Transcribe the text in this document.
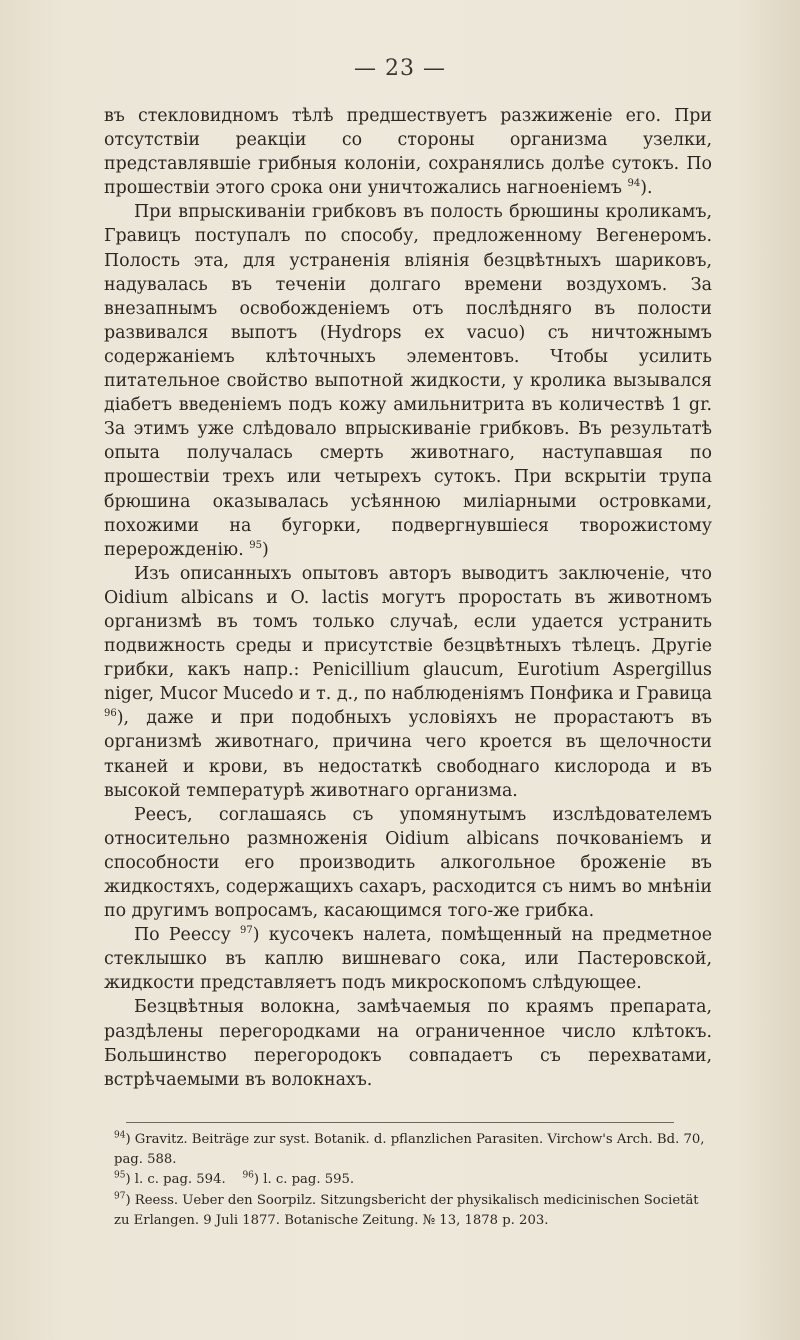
— 23 —

въ стекловидномъ тѣлѣ предшествуетъ разжиженіе его. При отсутствіи реакціи со стороны организма узелки, представлявшіе грибныя колоніи, сохранялись долѣе сутокъ. По прошествіи этого срока они уничтожались нагноеніемъ $^{94}$).

При впрыскиваніи грибковъ въ полость брюшины кроликамъ, Гравицъ поступалъ по способу, предложенному Вегенеромъ. Полость эта, для устраненія вліянія безцвѣтныхъ шариковъ, надувалась въ теченіи долгаго времени воздухомъ. За внезапнымъ освобожденіемъ отъ послѣдняго въ полости развивался выпотъ (Hydrops ex vacuo) съ ничтожнымъ содержаніемъ клѣточныхъ элементовъ. Чтобы усилить питательное свойство выпотной жидкости, у кролика вызывался діабетъ введеніемъ подъ кожу амильнитрита въ количествѣ 1 gr. За этимъ уже слѣдовало впрыскиваніе грибковъ. Въ результатѣ опыта получалась смерть животнаго, наступавшая по прошествіи трехъ или четырехъ сутокъ. При вскрытіи трупа брюшина оказывалась усѣянною миліарными островками, похожими на бугорки, подвергнувшіеся творожистому перерожденію. $^{95}$)

Изъ описанныхъ опытовъ авторъ выводитъ заключеніе, что Oidium albicans и O. lactis могутъ проростать въ животномъ организмѣ въ томъ только случаѣ, если удается устранить подвижность среды и присутствіе безцвѣтныхъ тѣлецъ. Другіе грибки, какъ напр.: Penicillium glaucum, Eurotium Aspergillus niger, Mucor Mucedo и т. д., по наблюденіямъ Понфика и Гравица $^{96}$), даже и при подобныхъ условіяхъ не прорастаютъ въ организмѣ животнаго, причина чего кроется въ щелочности тканей и крови, въ недостаткѣ свободнаго кислорода и въ высокой температурѣ животнаго организма.

Реесъ, соглашаясь съ упомянутымъ изслѣдователемъ относительно размноженія Oidium albicans почкованіемъ и способности его производить алкогольное броженіе въ жидкостяхъ, содержащихъ сахаръ, расходится съ нимъ во мнѣніи по другимъ вопросамъ, касающимся того-же грибка.

По Реессу $^{97}$) кусочекъ налета, помѣщенный на предметное стеклышко въ каплю вишневаго сока, или Пастеровской, жидкости представляетъ подъ микроскопомъ слѣдующее.

Безцвѣтныя волокна, замѣчаемыя по краямъ препарата, раздѣлены перегородками на ограниченное число клѣтокъ. Большинство перегородокъ совпадаетъ съ перехватами, встрѣчаемыми въ волокнахъ.

$^{94}$) Gravitz. Beiträge zur syst. Botanik. d. pflanzlichen Parasiten. Virchow's Arch. Bd. 70, pag. 588.

$^{95}$) l. c. pag. 594. $^{96}$) l. c. pag. 595.

$^{97}$) Reess. Ueber den Soorpilz. Sitzungsbericht der physikalisch medicinischen Societät zu Erlangen. 9 Juli 1877. Botanische Zeitung. № 13, 1878 p. 203.
